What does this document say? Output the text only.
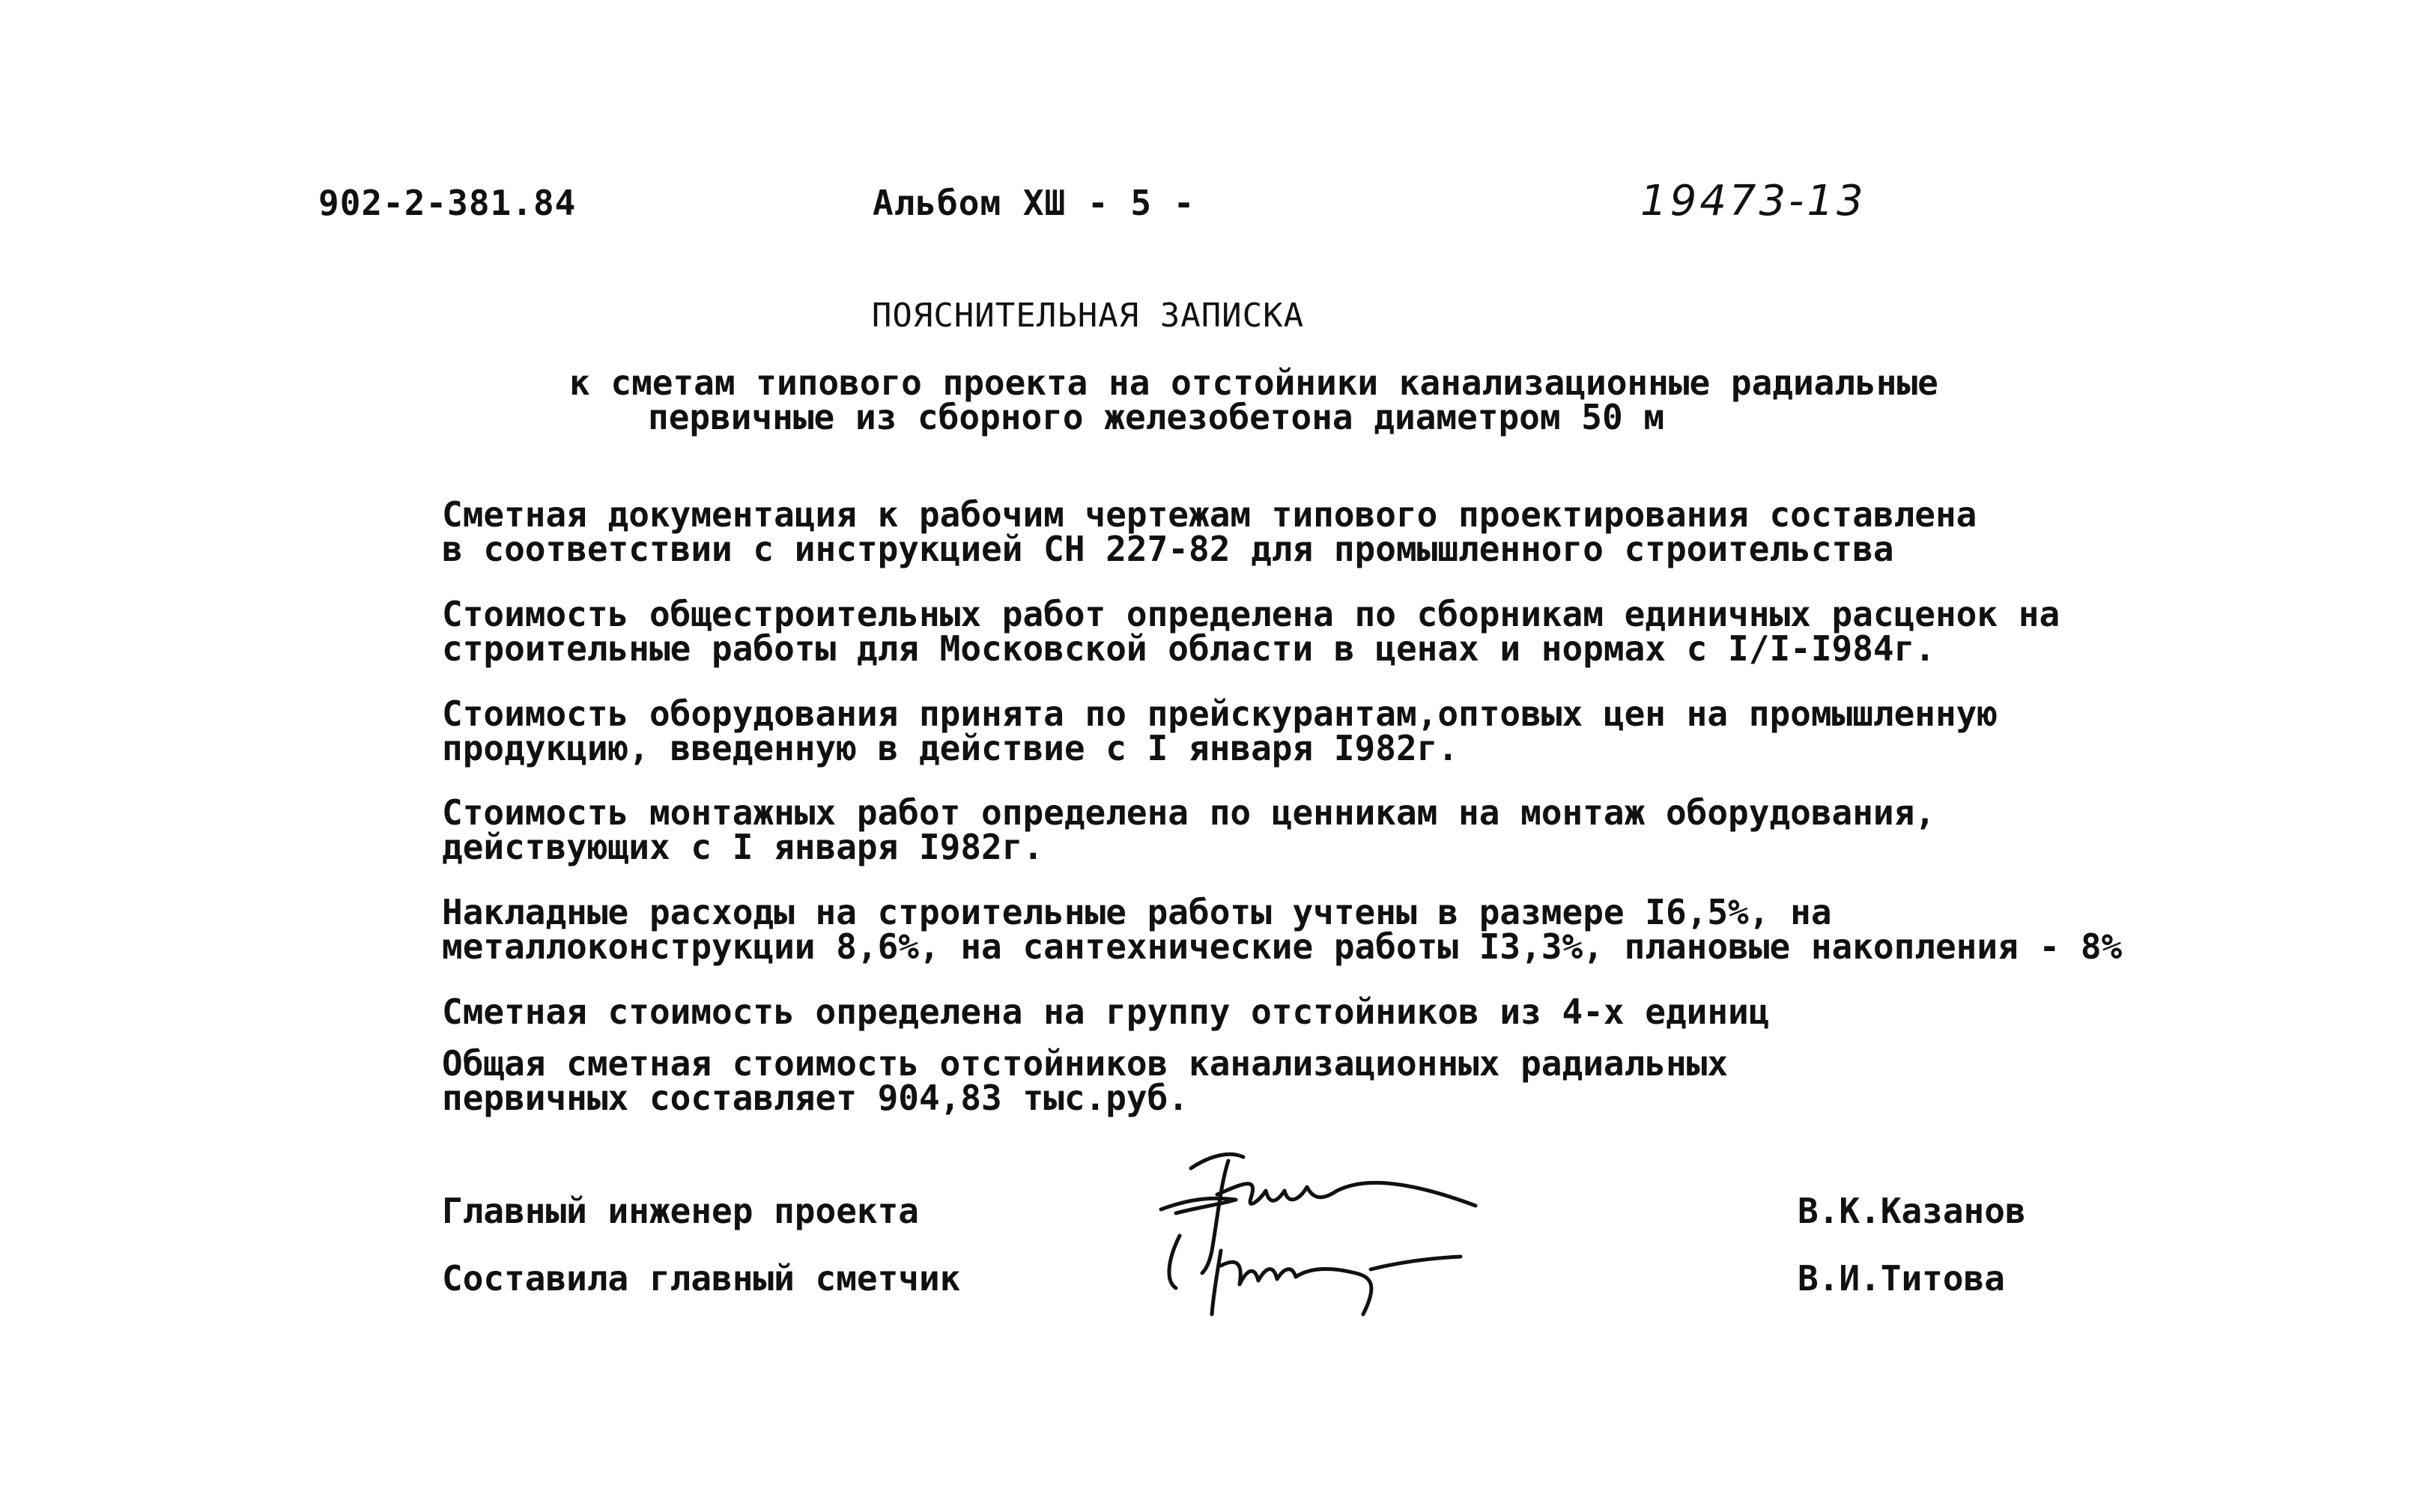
902-2-381.84	Альбом XШ - 5 -	19473-13
ПОЯСНИТЕЛЬНАЯ ЗАПИСКА
к сметам типового проекта на отстойники канализационные радиальные
первичные из сборного железобетона диаметром 50 м
Сметная документация к рабочим чертежам типового проектирования составлена
в соответствии с инструкцией СН 227-82 для промышленного строительства
Стоимость общестроительных работ определена по сборникам единичных расценок на
строительные работы для Московской области в ценах и нормах с I/I-I984г.
Стоимость оборудования принята по прейскурантам,оптовых цен на промышленную
продукцию, введенную в действие с I января I982г.
Стоимость монтажных работ определена по ценникам на монтаж оборудования,
действующих с I января I982г.
Накладные расходы на строительные работы учтены в размере I6,5%, на
металлоконструкции 8,6%, на сантехнические работы I3,3%, плановые накопления - 8%
Сметная стоимость определена на группу отстойников из 4-х единиц
Общая сметная стоимость отстойников канализационных радиальных
первичных составляет 904,83 тыс.руб.
Главный инженер проекта	В.К.Казанов
Составила главный сметчик	В.И.Титова
